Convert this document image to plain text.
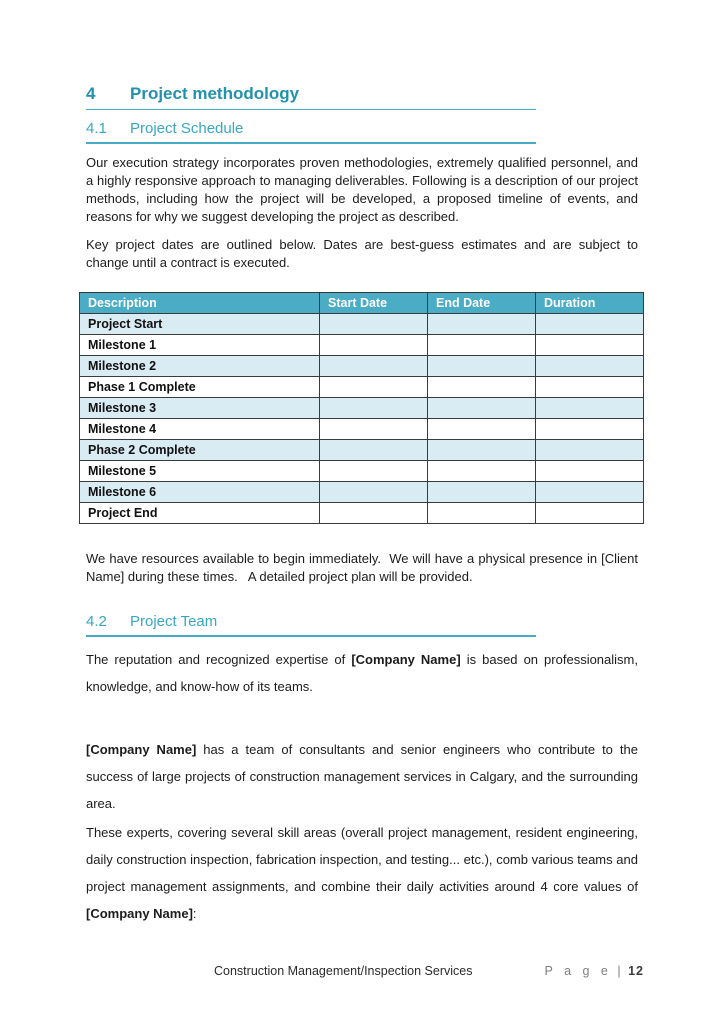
4	Project methodology
4.1	Project Schedule

Our execution strategy incorporates proven methodologies, extremely qualified personnel, and a highly responsive approach to managing deliverables. Following is a description of our project methods, including how the project will be developed, a proposed timeline of events, and reasons for why we suggest developing the project as described.

Key project dates are outlined below. Dates are best-guess estimates and are subject to change until a contract is executed.

Description	Start Date	End Date	Duration
Project Start			
Milestone 1			
Milestone 2			
Phase 1 Complete			
Milestone 3			
Milestone 4			
Phase 2 Complete			
Milestone 5			
Milestone 6			
Project End			

We have resources available to begin immediately.  We will have a physical presence in [Client Name] during these times.   A detailed project plan will be provided.

4.2	Project Team

The reputation and recognized expertise of [Company Name] is based on professionalism, knowledge, and know-how of its teams.

[Company Name] has a team of consultants and senior engineers who contribute to the success of large projects of construction management services in Calgary, and the surrounding area.

These experts, covering several skill areas (overall project management, resident engineering, daily construction inspection, fabrication inspection, and testing... etc.), comb various teams and project management assignments, and combine their daily activities around 4 core values of [Company Name]:

Construction Management/Inspection Services	P a g e | 12
